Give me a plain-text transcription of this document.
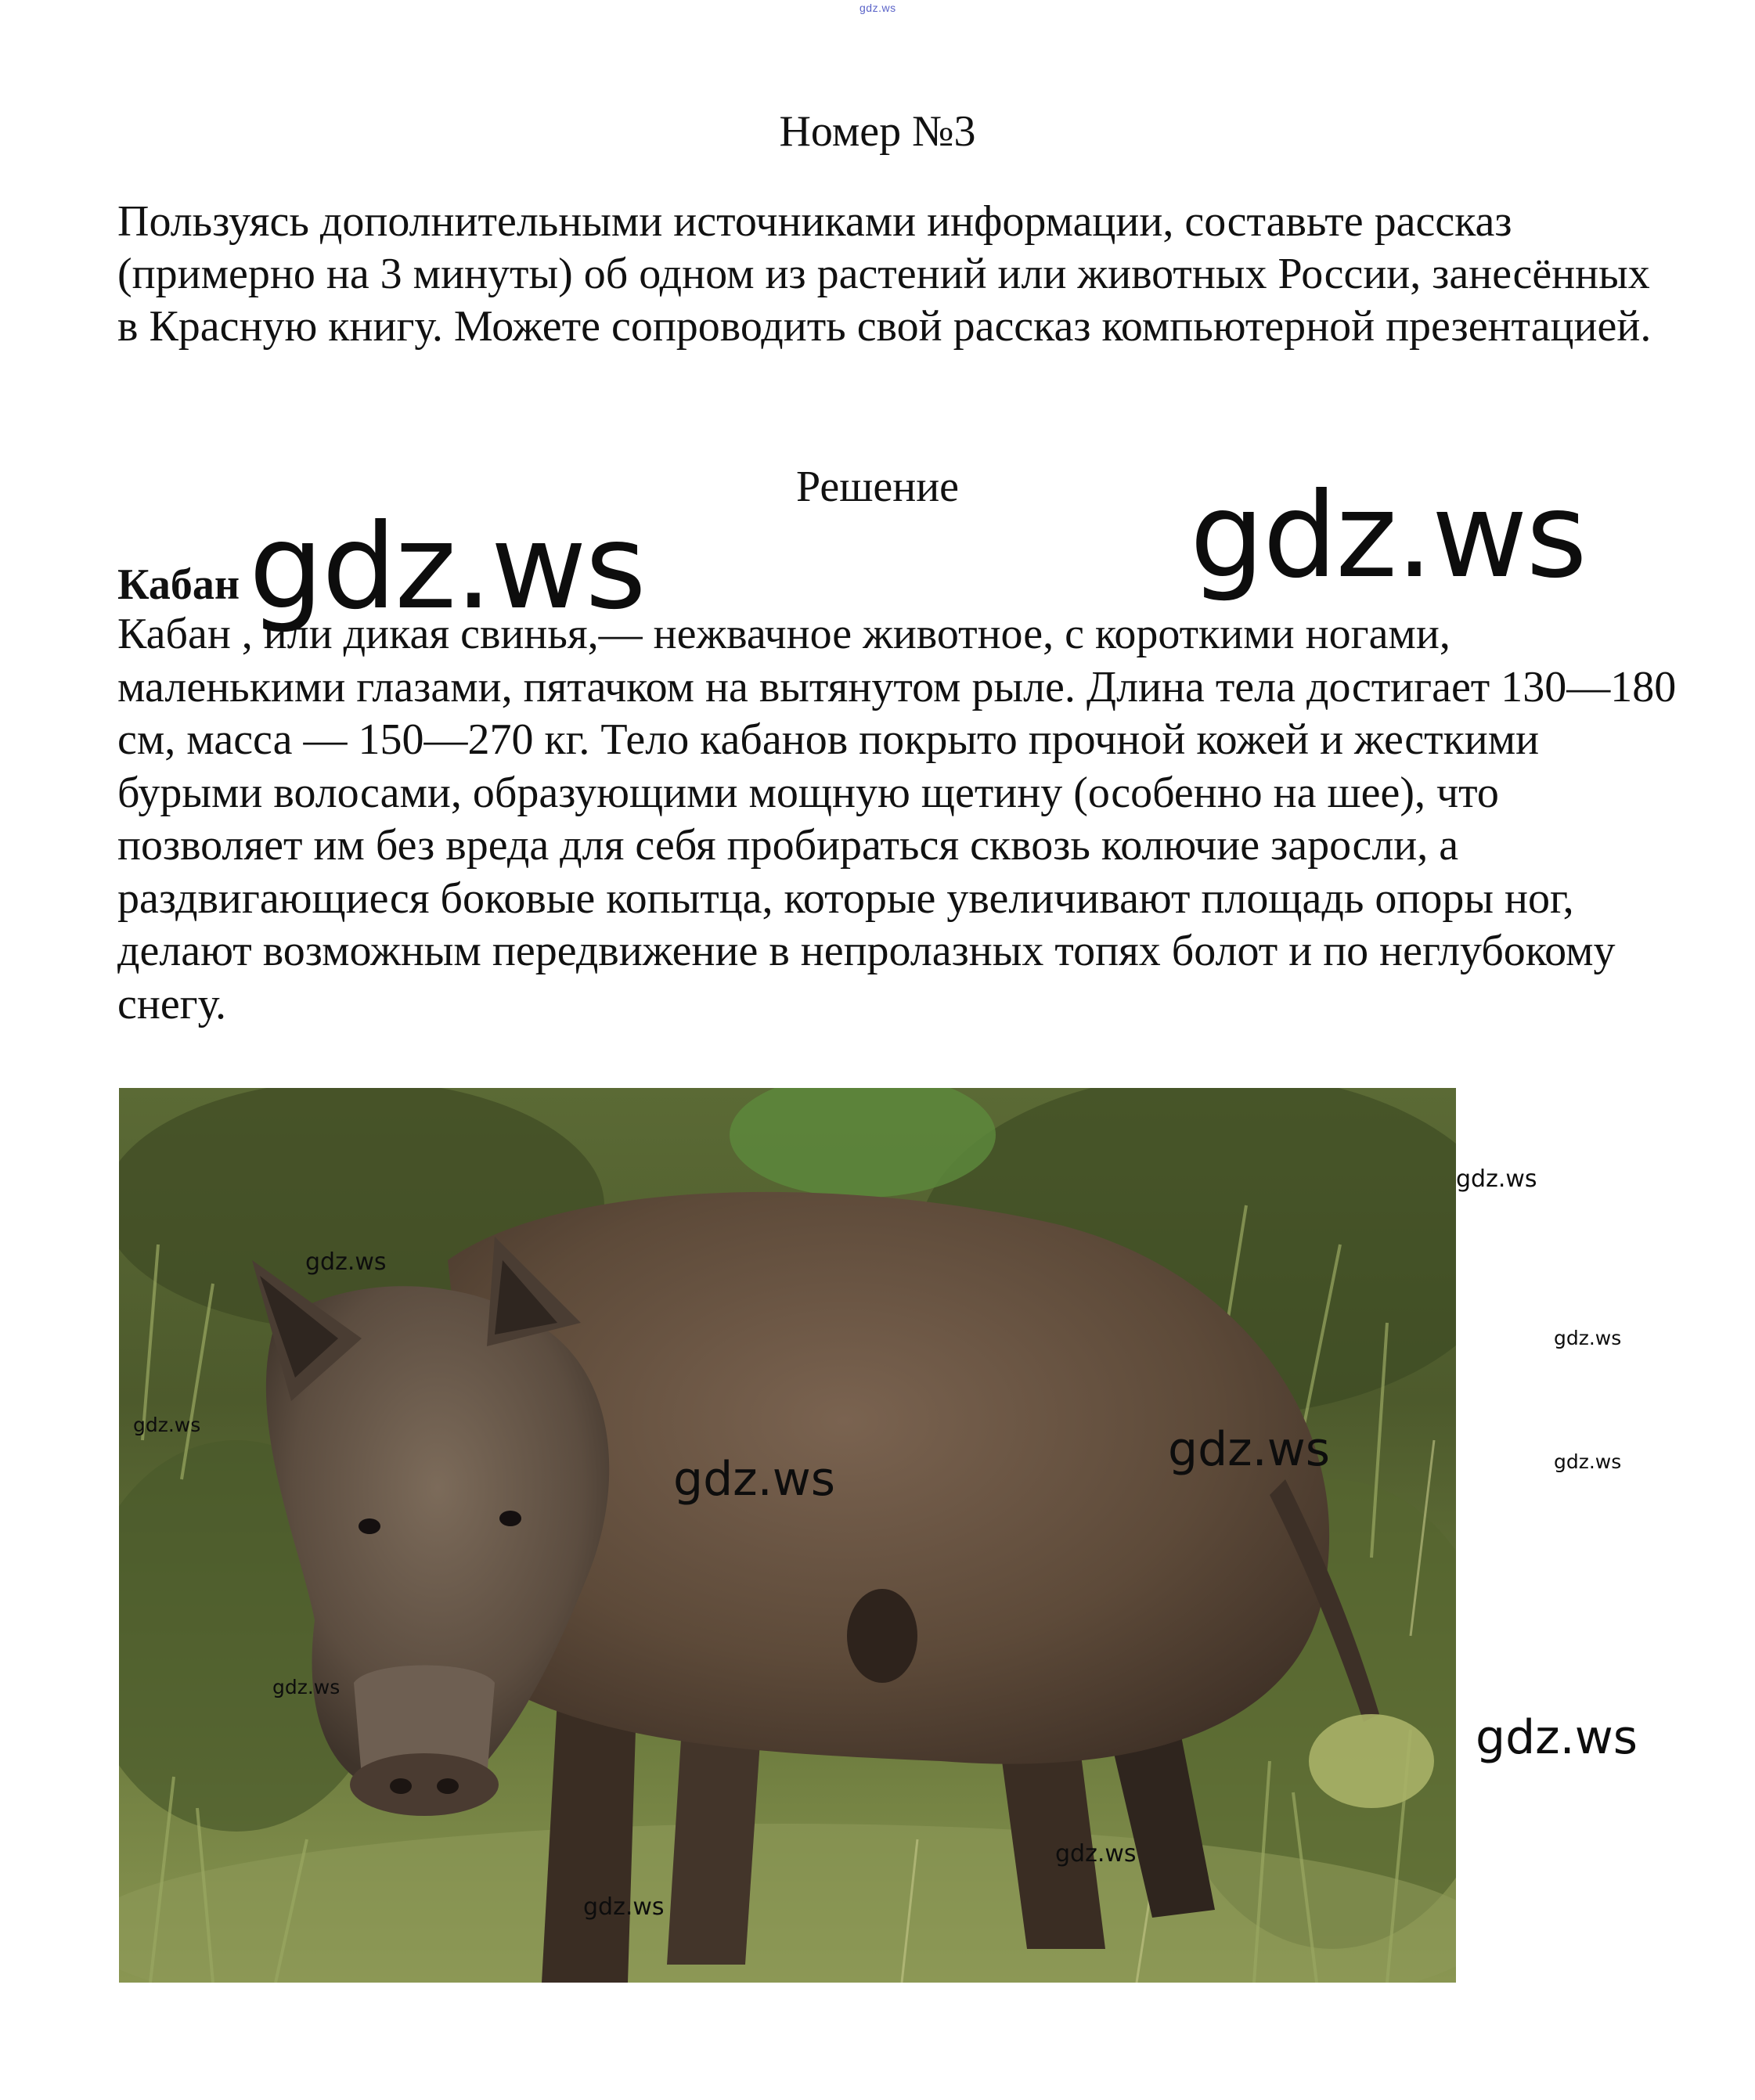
gdz.ws
Номер №3

Пользуясь дополнительными источниками информации, составьте рассказ (примерно на 3 минуты) об одном из растений или животных России, занесённых в Красную книгу. Можете сопроводить свой рассказ компьютерной презентацией.

Решение
Кабан

Кабан , или дикая свинья,— нежвачное животное, с короткими ногами, маленькими глазами, пятачком на вытянутом рыле. Длина тела достигает 130—180 см, масса — 150—270 кг. Тело кабанов покрыто прочной кожей и жесткими бурыми волосами, образующими мощную щетину (особенно на шее), что позволяет им без вреда для себя пробираться сквозь колючие заросли, а раздвигающиеся боковые копытца, которые увеличивают площадь опоры ног, делают возможным передвижение в непролазных топях болот и по неглубокому снегу.

gdz.ws	gdz.ws
gdz.ws
gdz.ws
gdz.ws
gdz.ws
gdz.ws
gdz.ws
gdz.ws
gdz.ws
gdz.ws
gdz.ws
gdz.ws
